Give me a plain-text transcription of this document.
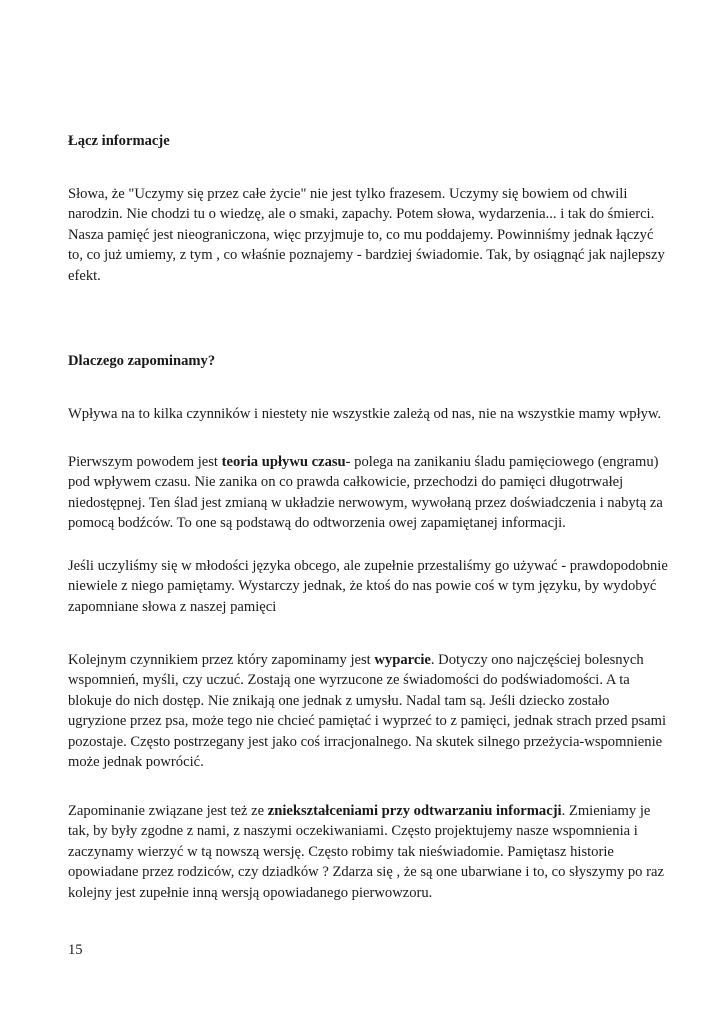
Łącz informacje

Słowa, że "Uczymy się przez całe życie" nie jest tylko frazesem. Uczymy się bowiem od chwili narodzin. Nie chodzi tu o wiedzę, ale o smaki, zapachy. Potem słowa, wydarzenia... i tak do śmierci. Nasza pamięć jest nieograniczona, więc przyjmuje to, co mu poddajemy. Powinniśmy jednak łączyć to, co już umiemy, z tym , co właśnie poznajemy - bardziej świadomie. Tak, by osiągnąć jak najlepszy efekt.

Dlaczego zapominamy?

Wpływa na to kilka czynników i niestety nie wszystkie zależą od nas, nie na wszystkie mamy wpływ.

Pierwszym powodem jest teoria upływu czasu- polega na zanikaniu śladu pamięciowego (engramu) pod wpływem czasu. Nie zanika on co prawda całkowicie, przechodzi do pamięci długotrwałej niedostępnej. Ten ślad jest zmianą w układzie nerwowym, wywołaną przez doświadczenia i nabytą za pomocą bodźców. To one są podstawą do odtworzenia owej zapamiętanej informacji.

Jeśli uczyliśmy się w młodości języka obcego, ale zupełnie przestaliśmy go używać - prawdopodobnie niewiele z niego pamiętamy. Wystarczy jednak, że ktoś do nas powie coś w tym języku, by wydobyć zapomniane słowa z naszej pamięci

Kolejnym czynnikiem przez który zapominamy jest wyparcie. Dotyczy ono najczęściej bolesnych wspomnień, myśli, czy uczuć. Zostają one wyrzucone ze świadomości do podświadomości. A ta blokuje do nich dostęp. Nie znikają one jednak z umysłu. Nadal tam są. Jeśli dziecko zostało ugryzione przez psa, może tego nie chcieć pamiętać i wyprzeć to z pamięci, jednak strach przed psami pozostaje. Często postrzegany jest jako coś irracjonalnego. Na skutek silnego przeżycia-wspomnienie może jednak powrócić.

Zapominanie związane jest też ze zniekształceniami przy odtwarzaniu informacji. Zmieniamy je tak, by były zgodne z nami, z naszymi oczekiwaniami. Często projektujemy nasze wspomnienia i zaczynamy wierzyć w tą nowszą wersję. Często robimy tak nieświadomie. Pamiętasz historie opowiadane przez rodziców, czy dziadków ? Zdarza się , że są one ubarwiane i to, co słyszymy po raz kolejny jest zupełnie inną wersją opowiadanego pierwowzoru.

15
